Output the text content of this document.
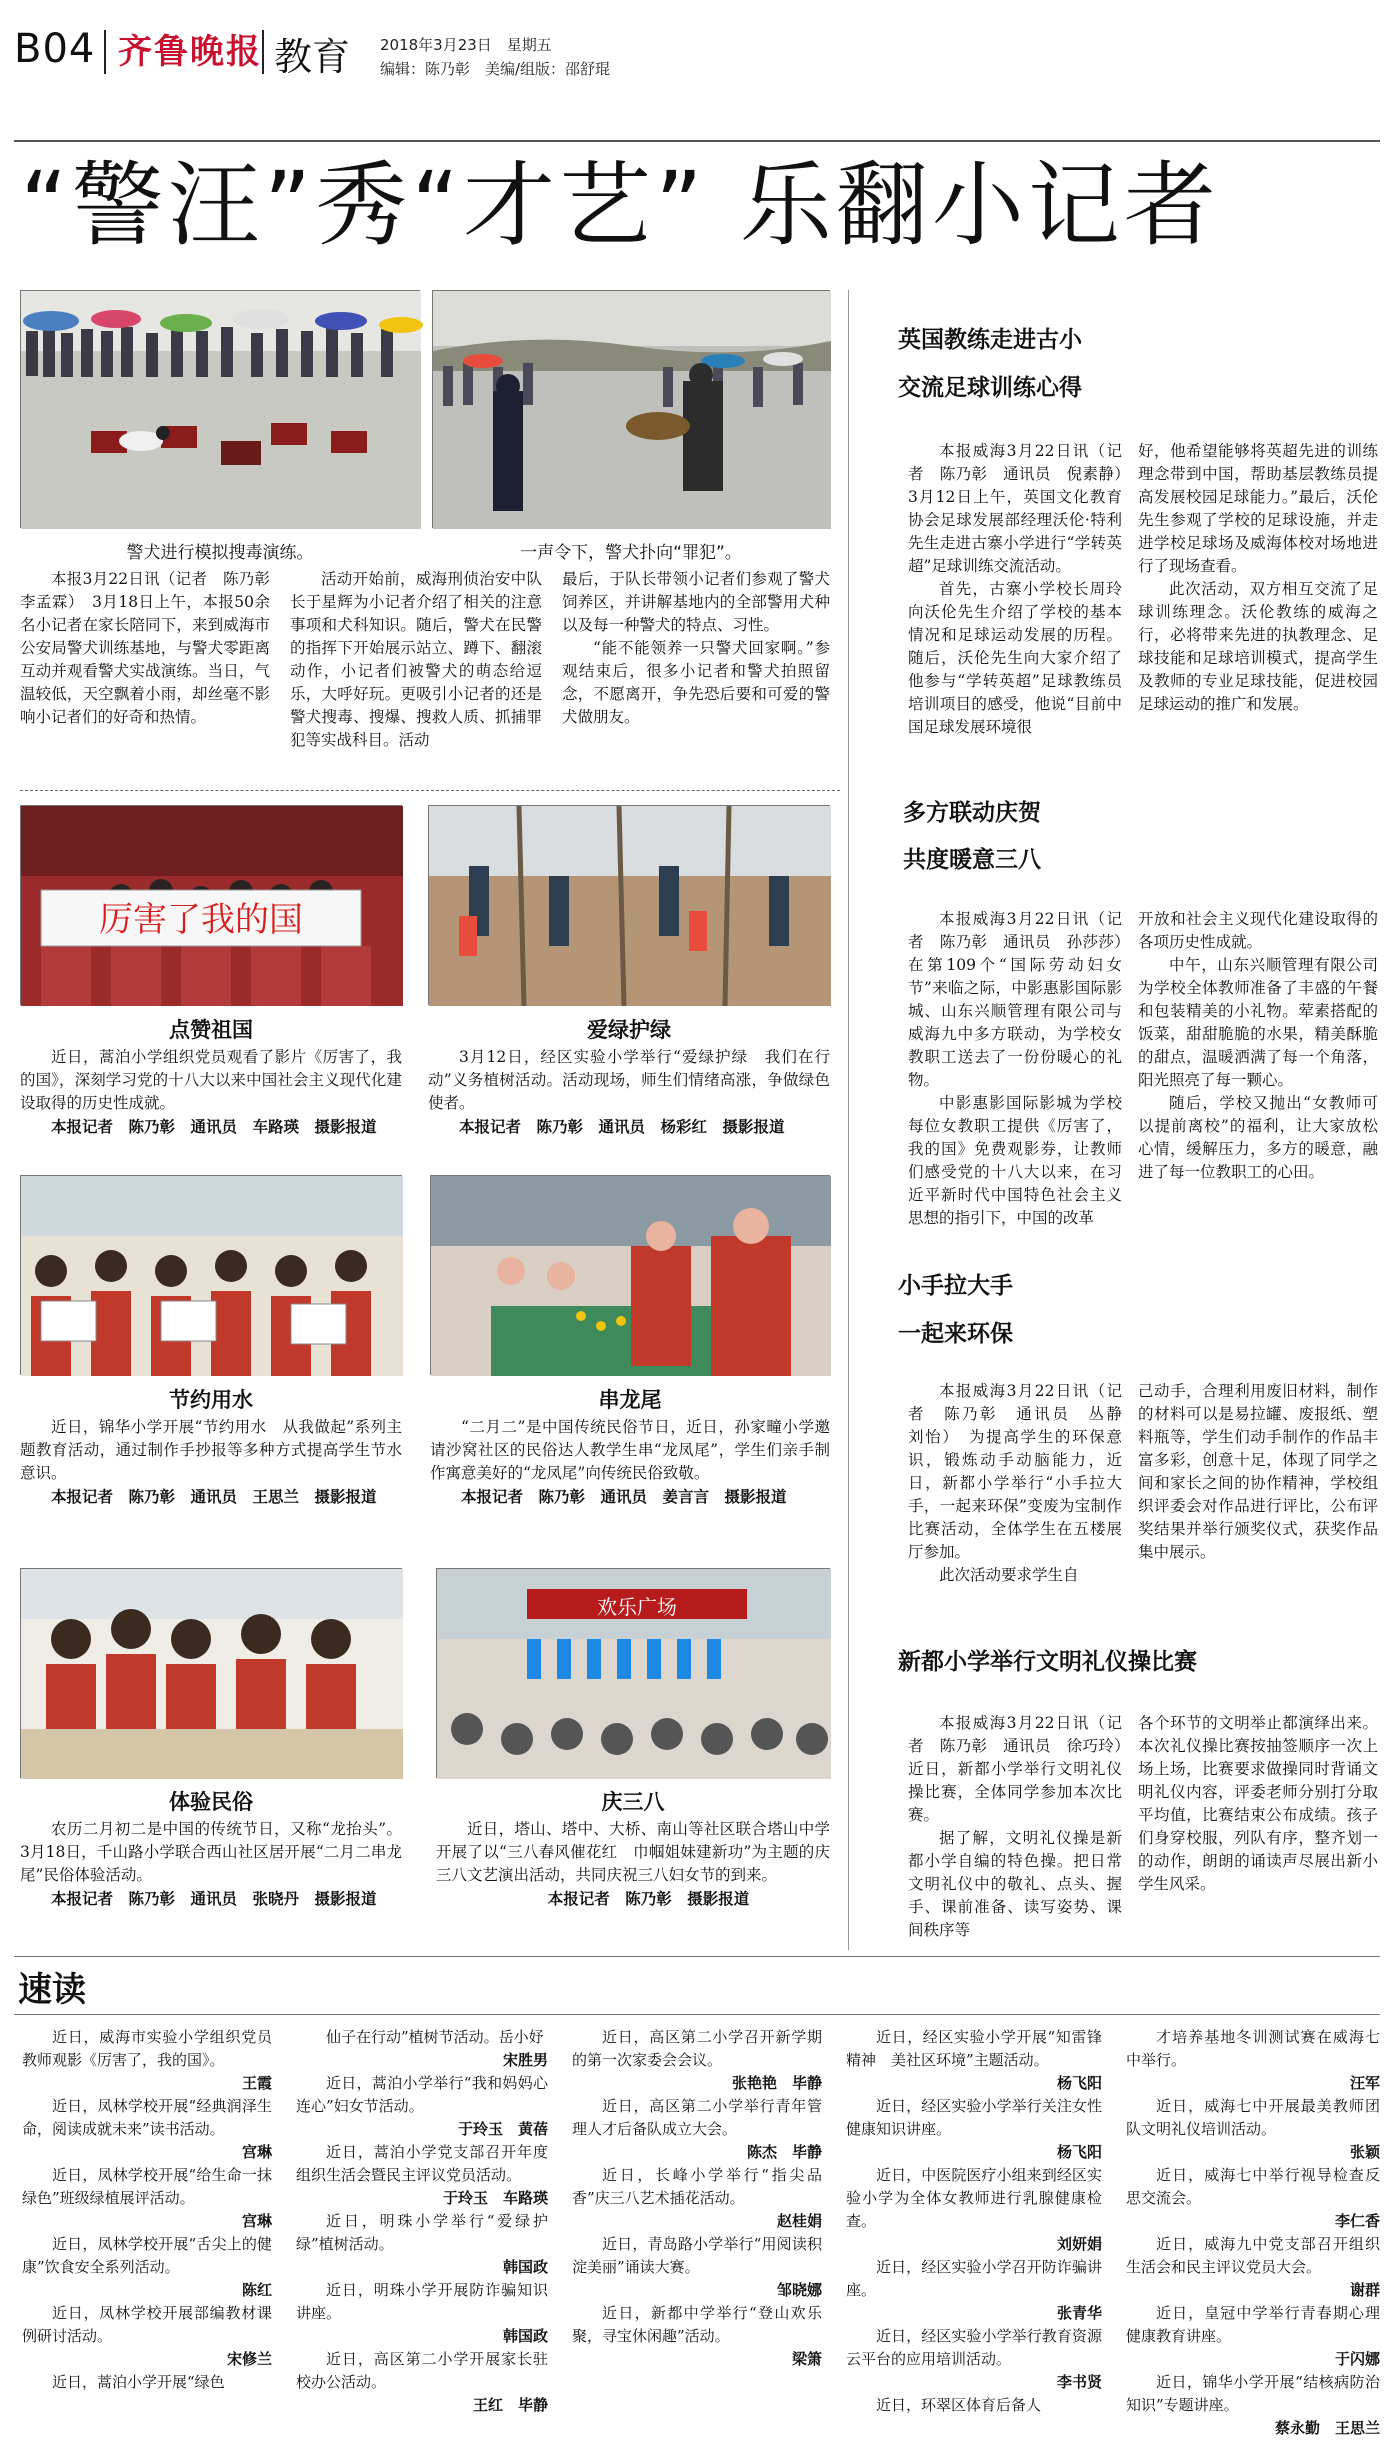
B04 齐鲁晚报 教育 2018年3月23日　星期五
编辑：陈乃彰　美编/组版：邵舒琨
“警汪”秀“才艺” 乐翻小记者
警犬进行模拟搜毒演练。	一声令下，警犬扑向“罪犯”。

本报3月22日讯（记者　陈乃彰　李孟霖）　3月18日上午，本报50余名小记者在家长陪同下，来到威海市公安局警犬训练基地，与警犬零距离互动并观看警犬实战演练。当日，气温较低，天空飘着小雨，却丝毫不影响小记者们的好奇和热情。

活动开始前，威海刑侦治安中队长于星辉为小记者介绍了相关的注意事项和犬科知识。随后，警犬在民警的指挥下开始展示站立、蹲下、翻滚动作，小记者们被警犬的萌态给逗乐，大呼好玩。更吸引小记者的还是警犬搜毒、搜爆、搜救人质、抓捕罪犯等实战科目。活动

最后，于队长带领小记者们参观了警犬饲养区，并讲解基地内的全部警用犬种以及每一种警犬的特点、习性。

“能不能领养一只警犬回家啊。”参观结束后，很多小记者和警犬拍照留念，不愿离开，争先恐后要和可爱的警犬做朋友。

厉害了我的国
点赞祖国	爱绿护绿

近日，蒿泊小学组织党员观看了影片《厉害了，我的国》，深刻学习党的十八大以来中国社会主义现代化建设取得的历史性成就。

本报记者　陈乃彰　通讯员　车路瑛　摄影报道

3月12日，经区实验小学举行“爱绿护绿　我们在行动”义务植树活动。活动现场，师生们情绪高涨，争做绿色使者。

本报记者　陈乃彰　通讯员　杨彩红　摄影报道

节约用水	串龙尾

近日，锦华小学开展“节约用水　从我做起”系列主题教育活动，通过制作手抄报等多种方式提高学生节水意识。

本报记者　陈乃彰　通讯员　王思兰　摄影报道

“二月二”是中国传统民俗节日，近日，孙家疃小学邀请沙窝社区的民俗达人教学生串“龙凤尾”，学生们亲手制作寓意美好的“龙凤尾”向传统民俗致敬。

本报记者　陈乃彰　通讯员　姜言言　摄影报道

欢乐广场
体验民俗	庆三八

农历二月初二是中国的传统节日，又称“龙抬头”。3月18日，千山路小学联合西山社区居开展“二月二串龙尾”民俗体验活动。

本报记者　陈乃彰　通讯员　张晓丹　摄影报道

近日，塔山、塔中、大桥、南山等社区联合塔山中学开展了以“三八春风催花红　巾帼姐妹建新功”为主题的庆三八文艺演出活动，共同庆祝三八妇女节的到来。

本报记者　陈乃彰　摄影报道

英国教练走进古小
交流足球训练心得

本报威海3月22日讯（记者　陈乃彰　通讯员　倪素静）　3月12日上午，英国文化教育协会足球发展部经理沃伦·特利先生走进古寨小学进行“学转英超”足球训练交流活动。

首先，古寨小学校长周玲向沃伦先生介绍了学校的基本情况和足球运动发展的历程。随后，沃伦先生向大家介绍了他参与“学转英超”足球教练员培训项目的感受，他说“目前中国足球发展环境很

好，他希望能够将英超先进的训练理念带到中国，帮助基层教练员提高发展校园足球能力。”最后，沃伦先生参观了学校的足球设施，并走进学校足球场及威海体校对场地进行了现场查看。

此次活动，双方相互交流了足球训练理念。沃伦教练的威海之行，必将带来先进的执教理念、足球技能和足球培训模式，提高学生及教师的专业足球技能，促进校园足球运动的推广和发展。

多方联动庆贺
共度暖意三八

本报威海3月22日讯（记者　陈乃彰　通讯员　孙莎莎）　在第109个“国际劳动妇女节”来临之际，中影惠影国际影城、山东兴顺管理有限公司与威海九中多方联动，为学校女教职工送去了一份份暖心的礼物。

中影惠影国际影城为学校每位女教职工提供《厉害了，我的国》免费观影券，让教师们感受党的十八大以来，在习近平新时代中国特色社会主义思想的指引下，中国的改革

开放和社会主义现代化建设取得的各项历史性成就。

中午，山东兴顺管理有限公司为学校全体教师准备了丰盛的午餐和包装精美的小礼物。荤素搭配的饭菜，甜甜脆脆的水果，精美酥脆的甜点，温暖洒满了每一个角落，阳光照亮了每一颗心。

随后，学校又抛出“女教师可以提前离校”的福利，让大家放松心情，缓解压力，多方的暖意，融进了每一位教职工的心田。

小手拉大手
一起来环保

本报威海3月22日讯（记者　陈乃彰　通讯员　丛静　刘怡）　为提高学生的环保意识，锻炼动手动脑能力，近日，新都小学举行“小手拉大手，一起来环保”变废为宝制作比赛活动，全体学生在五楼展厅参加。

此次活动要求学生自

己动手，合理利用废旧材料，制作的材料可以是易拉罐、废报纸、塑料瓶等，学生们动手制作的作品丰富多彩，创意十足，体现了同学之间和家长之间的协作精神，学校组织评委会对作品进行评比，公布评奖结果并举行颁奖仪式，获奖作品集中展示。

新都小学举行文明礼仪操比赛

本报威海3月22日讯（记者　陈乃彰　通讯员　徐巧玲）　近日，新都小学举行文明礼仪操比赛，全体同学参加本次比赛。

据了解，文明礼仪操是新都小学自编的特色操。把日常文明礼仪中的敬礼、点头、握手、课前准备、读写姿势、课间秩序等

各个环节的文明举止都演绎出来。本次礼仪操比赛按抽签顺序一次上场上场，比赛要求做操同时背诵文明礼仪内容，评委老师分别打分取平均值，比赛结束公布成绩。孩子们身穿校服，列队有序，整齐划一的动作，朗朗的诵读声尽展出新小学生风采。

速读
近日，威海市实验小学组织党员教师观影《厉害了，我的国》。
王霞
近日，凤林学校开展“经典润泽生命，阅读成就未来”读书活动。
宫琳
近日，凤林学校开展“给生命一抹绿色”班级绿植展评活动。
宫琳
近日，凤林学校开展“舌尖上的健康”饮食安全系列活动。
陈红
近日，凤林学校开展部编教材课例研讨活动。
宋修兰
近日，蒿泊小学开展“绿色
仙子在行动”植树节活动。岳小妤
宋胜男
近日，蒿泊小学举行“我和妈妈心连心”妇女节活动。
于玲玉　黄蓓
近日，蒿泊小学党支部召开年度组织生活会暨民主评议党员活动。
于玲玉　车路瑛
近日，明珠小学举行“爱绿护绿”植树活动。
韩国政
近日，明珠小学开展防诈骗知识讲座。
韩国政
近日，高区第二小学开展家长驻校办公活动。
王红　毕静
近日，高区第二小学召开新学期的第一次家委会会议。
张艳艳　毕静
近日，高区第二小学举行青年管理人才后备队成立大会。
陈杰　毕静
近日，长峰小学举行“指尖品香”庆三八艺术插花活动。
赵桂娟
近日，青岛路小学举行“用阅读积淀美丽”诵读大赛。
邹晓娜
近日，新都中学举行“登山欢乐聚，寻宝休闲趣”活动。
梁箫
近日，经区实验小学开展“知雷锋精神　美社区环境”主题活动。
杨飞阳
近日，经区实验小学举行关注女性健康知识讲座。
杨飞阳
近日，中医院医疗小组来到经区实验小学为全体女教师进行乳腺健康检查。
刘妍娟
近日，经区实验小学召开防诈骗讲座。
张青华
近日，经区实验小学举行教育资源云平台的应用培训活动。
李书贤
近日，环翠区体育后备人
才培养基地冬训测试赛在威海七中举行。
汪军
近日，威海七中开展最美教师团队文明礼仪培训活动。
张颖
近日，威海七中举行视导检查反思交流会。
李仁香
近日，威海九中党支部召开组织生活会和民主评议党员大会。
谢群
近日，皇冠中学举行青春期心理健康教育讲座。
于闪娜
近日，锦华小学开展“结核病防治知识”专题讲座。
蔡永勤　王思兰
